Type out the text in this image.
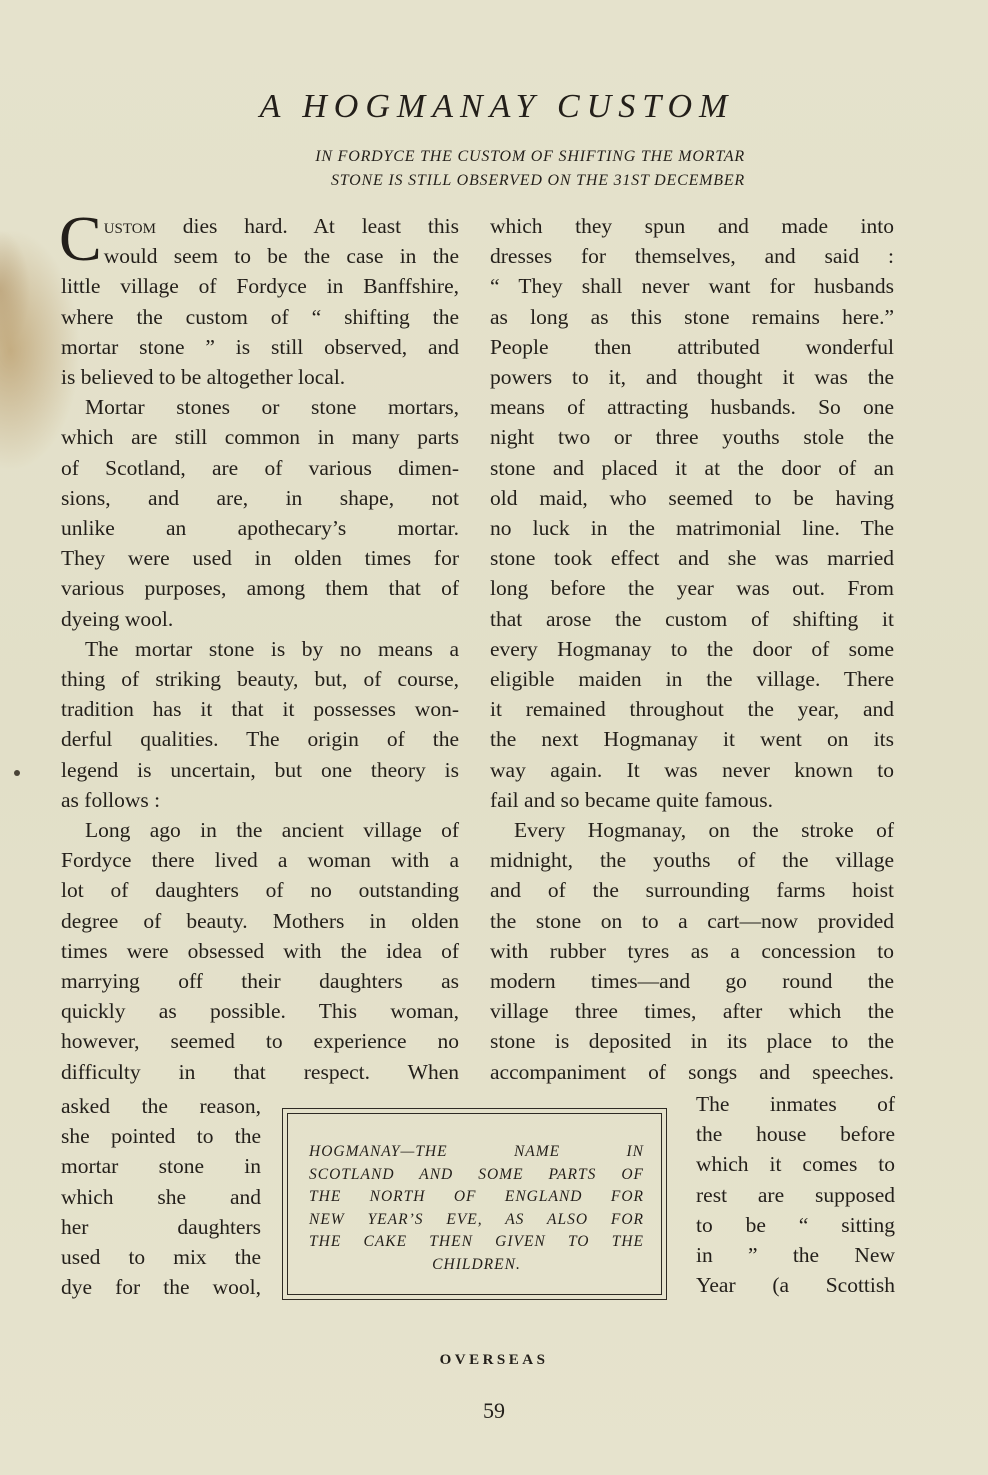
A HOGMANAY CUSTOM
IN FORDYCE THE CUSTOM OF SHIFTING THE MORTAR
STONE IS STILL OBSERVED ON THE 31ST DECEMBER
C ustom dies hard. At least this
would seem to be the case in the
little village of Fordyce in Banffshire,
where the custom of “ shifting the
mortar stone ” is still observed, and
is believed to be altogether local.
Mortar stones or stone mortars,
which are still common in many parts
of Scotland, are of various dimen-
sions, and are, in shape, not
unlike an apothecary’s mortar.
They were used in olden times for
various purposes, among them that of
dyeing wool.
The mortar stone is by no means a
thing of striking beauty, but, of course,
tradition has it that it possesses won-
derful qualities. The origin of the
legend is uncertain, but one theory is
as follows :
Long ago in the ancient village of
Fordyce there lived a woman with a
lot of daughters of no outstanding
degree of beauty. Mothers in olden
times were obsessed with the idea of
marrying off their daughters as
quickly as possible. This woman,
however, seemed to experience no
difficulty in that respect. When
which they spun and made into
dresses for themselves, and said :
“ They shall never want for husbands
as long as this stone remains here.”
People then attributed wonderful
powers to it, and thought it was the
means of attracting husbands. So one
night two or three youths stole the
stone and placed it at the door of an
old maid, who seemed to be having
no luck in the matrimonial line. The
stone took effect and she was married
long before the year was out. From
that arose the custom of shifting it
every Hogmanay to the door of some
eligible maiden in the village. There
it remained throughout the year, and
the next Hogmanay it went on its
way again. It was never known to
fail and so became quite famous.
Every Hogmanay, on the stroke of
midnight, the youths of the village
and of the surrounding farms hoist
the stone on to a cart—now provided
with rubber tyres as a concession to
modern times—and go round the
village three times, after which the
stone is deposited in its place to the
accompaniment of songs and speeches.
asked the reason,
she pointed to the
mortar stone in
which she and
her daughters
used to mix the
dye for the wool,
HOGMANAY—THE NAME IN
SCOTLAND AND SOME PARTS OF
THE NORTH OF ENGLAND FOR
NEW YEAR’S EVE, AS ALSO FOR
THE CAKE THEN GIVEN TO THE
CHILDREN.
The inmates of
the house before
which it comes to
rest are supposed
to be “ sitting
in ” the New
Year (a Scottish
OVERSEAS
59
